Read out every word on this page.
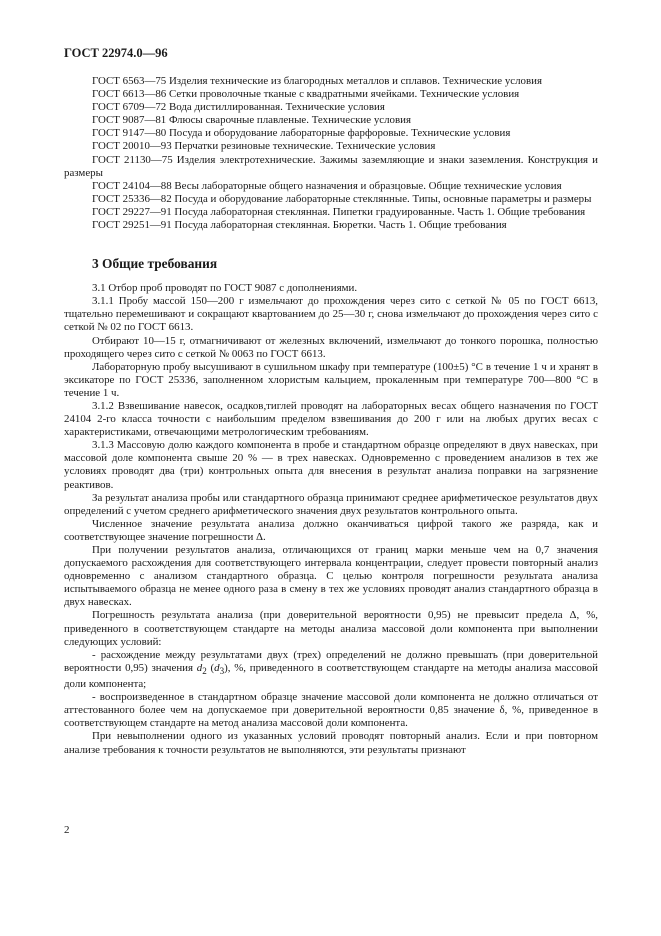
ГОСТ 22974.0—96

ГОСТ 6563—75 Изделия технические из благородных металлов и сплавов. Технические условия

ГОСТ 6613—86 Сетки проволочные тканые с квадратными ячейками. Технические условия

ГОСТ 6709—72 Вода дистиллированная. Технические условия

ГОСТ 9087—81 Флюсы сварочные плавленые. Технические условия

ГОСТ 9147—80 Посуда и оборудование лабораторные фарфоровые. Технические условия

ГОСТ 20010—93 Перчатки резиновые технические. Технические условия

ГОСТ 21130—75 Изделия электротехнические. Зажимы заземляющие и знаки заземления. Конструкция и размеры

ГОСТ 24104—88 Весы лабораторные общего назначения и образцовые. Общие технические условия

ГОСТ 25336—82 Посуда и оборудование лабораторные стеклянные. Типы, основные параметры и размеры

ГОСТ 29227—91 Посуда лабораторная стеклянная. Пипетки градуированные. Часть 1. Общие требования

ГОСТ 29251—91 Посуда лабораторная стеклянная. Бюретки. Часть 1. Общие требования

3 Общие требования

3.1 Отбор проб проводят по ГОСТ 9087 с дополнениями.

3.1.1 Пробу массой 150—200 г измельчают до прохождения через сито с сеткой № 05 по ГОСТ 6613, тщательно перемешивают и сокращают квартованием до 25—30 г, снова измельчают до прохождения через сито с сеткой № 02 по ГОСТ 6613.

Отбирают 10—15 г, отмагничивают от железных включений, измельчают до тонкого порошка, полностью проходящего через сито с сеткой № 0063 по ГОСТ 6613.

Лабораторную пробу высушивают в сушильном шкафу при температуре (100±5) °С в течение 1 ч и хранят в эксикаторе по ГОСТ 25336, заполненном хлористым кальцием, прокаленным при температуре 700—800 °С в течение 1 ч.

3.1.2 Взвешивание навесок, осадков,тиглей проводят на лабораторных весах общего назначения по ГОСТ 24104 2-го класса точности с наибольшим пределом взвешивания до 200 г или на любых других весах с характеристиками, отвечающими метрологическим требованиям.

3.1.3 Массовую долю каждого компонента в пробе и стандартном образце определяют в двух навесках, при массовой доле компонента свыше 20 % — в трех навесках. Одновременно с проведением анализов в тех же условиях проводят два (три) контрольных опыта для внесения в результат анализа поправки на загрязнение реактивов.

За результат анализа пробы или стандартного образца принимают среднее арифметическое результатов двух определений с учетом среднего арифметического значения двух результатов контрольного опыта.

Численное значение результата анализа должно оканчиваться цифрой такого же разряда, как и соответствующее значение погрешности Δ.

При получении результатов анализа, отличающихся от границ марки меньше чем на 0,7 значения допускаемого расхождения для соответствующего интервала концентрации, следует провести повторный анализ одновременно с анализом стандартного образца. С целью контроля погрешности результата анализа испытываемого образца не менее одного раза в смену в тех же условиях проводят анализ стандартного образца в двух навесках.

Погрешность результата анализа (при доверительной вероятности 0,95) не превысит предела Δ, %, приведенного в соответствующем стандарте на методы анализа массовой доли компонента при выполнении следующих условий:

- расхождение между результатами двух (трех) определений не должно превышать (при доверительной вероятности 0,95) значения $d_2$ $(d_3)$, %, приведенного в соответствующем стандарте на методы анализа массовой доли компонента;

- воспроизведенное в стандартном образце значение массовой доли компонента не должно отличаться от аттестованного более чем на допускаемое при доверительной вероятности 0,85 значение δ, %, приведенное в соответствующем стандарте на метод анализа массовой доли компонента.

При невыполнении одного из указанных условий проводят повторный анализ. Если и при повторном анализе требования к точности результатов не выполняются, эти результаты признают

2
